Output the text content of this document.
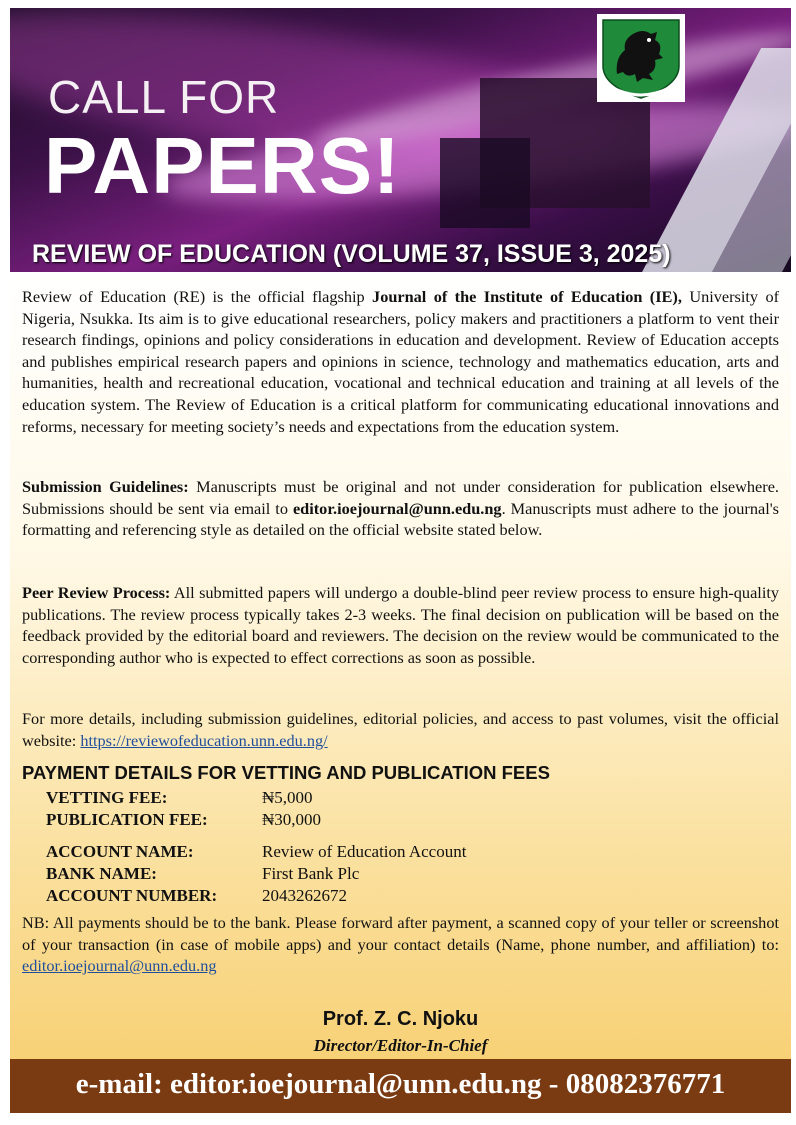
CALL FOR
PAPERS!
REVIEW OF EDUCATION (VOLUME 37, ISSUE 3, 2025)
Review of Education (RE) is the official flagship Journal of the Institute of Education (IE), University of Nigeria, Nsukka. Its aim is to give educational researchers, policy makers and practitioners a platform to vent their research findings, opinions and policy considerations in education and development. Review of Education accepts and publishes empirical research papers and opinions in science, technology and mathematics education, arts and humanities, health and recreational education, vocational and technical education and training at all levels of the education system. The Review of Education is a critical platform for communicating educational innovations and reforms, necessary for meeting society’s needs and expectations from the education system.
Submission Guidelines: Manuscripts must be original and not under consideration for publication elsewhere. Submissions should be sent via email to editor.ioejournal@unn.edu.ng. Manuscripts must adhere to the journal's formatting and referencing style as detailed on the official website stated below.
Peer Review Process: All submitted papers will undergo a double-blind peer review process to ensure high-quality publications. The review process typically takes 2-3 weeks. The final decision on publication will be based on the feedback provided by the editorial board and reviewers. The decision on the review would be communicated to the corresponding author who is expected to effect corrections as soon as possible.
For more details, including submission guidelines, editorial policies, and access to past volumes, visit the official website: https://reviewofeducation.unn.edu.ng/
PAYMENT DETAILS FOR VETTING AND PUBLICATION FEES
VETTING FEE:	₦5,000
PUBLICATION FEE:	₦30,000
ACCOUNT NAME:	Review of Education Account
BANK NAME:	First Bank Plc
ACCOUNT NUMBER:	2043262672
NB: All payments should be to the bank. Please forward after payment, a scanned copy of your teller or screenshot of your transaction (in case of mobile apps) and your contact details (Name, phone number, and affiliation) to: editor.ioejournal@unn.edu.ng
Prof. Z. C. Njoku
Director/Editor-In-Chief
e-mail: editor.ioejournal@unn.edu.ng - 08082376771
